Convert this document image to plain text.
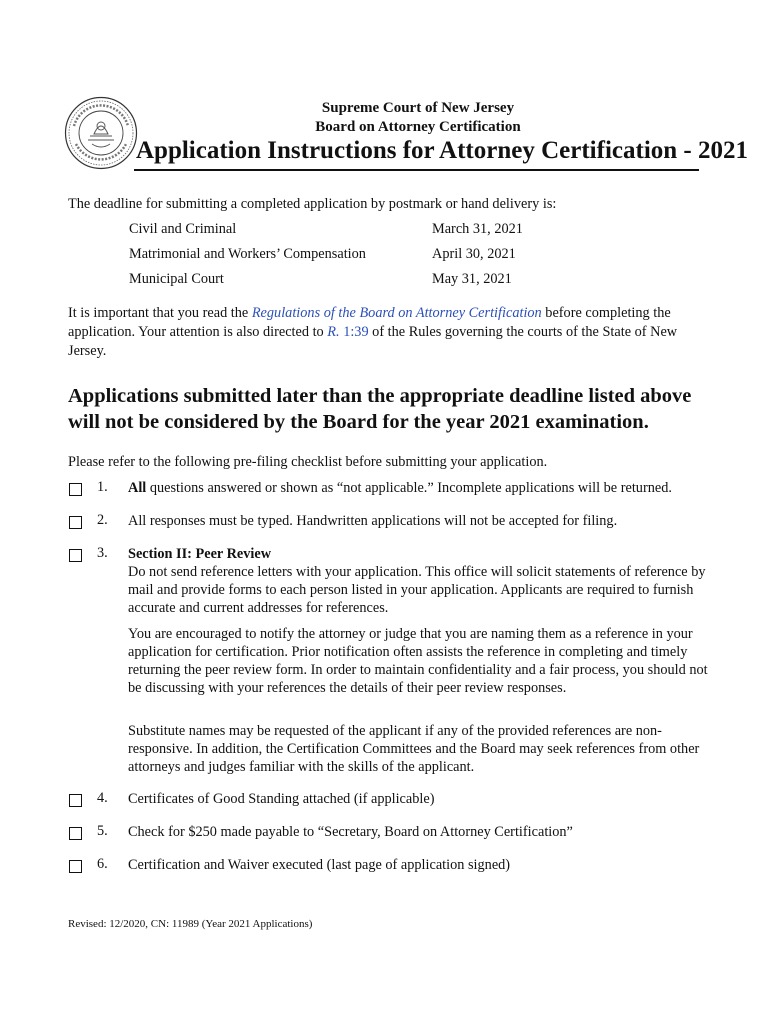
Supreme Court of New Jersey
Board on Attorney Certification
Application Instructions for Attorney Certification - 2021
The deadline for submitting a completed application by postmark or hand delivery is:
Civil and Criminal	March 31, 2021
Matrimonial and Workers’ Compensation	April 30, 2021
Municipal Court	May 31, 2021
It is important that you read the Regulations of the Board on Attorney Certification before completing the application. Your attention is also directed to R. 1:39 of the Rules governing the courts of the State of New Jersey.
Applications submitted later than the appropriate deadline listed above will not be considered by the Board for the year 2021 examination.
Please refer to the following pre-filing checklist before submitting your application.
1. All questions answered or shown as “not applicable.” Incomplete applications will be returned.
2. All responses must be typed. Handwritten applications will not be accepted for filing.
3. Section II: Peer Review
Do not send reference letters with your application. This office will solicit statements of reference by mail and provide forms to each person listed in your application. Applicants are required to furnish accurate and current addresses for references.
You are encouraged to notify the attorney or judge that you are naming them as a reference in your application for certification. Prior notification often assists the reference in completing and timely returning the peer review form. In order to maintain confidentiality and a fair process, you should not be discussing with your references the details of their peer review responses.
Substitute names may be requested of the applicant if any of the provided references are non-responsive. In addition, the Certification Committees and the Board may seek references from other attorneys and judges familiar with the skills of the applicant.
4. Certificates of Good Standing attached (if applicable)
5. Check for $250 made payable to “Secretary, Board on Attorney Certification”
6. Certification and Waiver executed (last page of application signed)
Revised: 12/2020, CN: 11989 (Year 2021 Applications)
